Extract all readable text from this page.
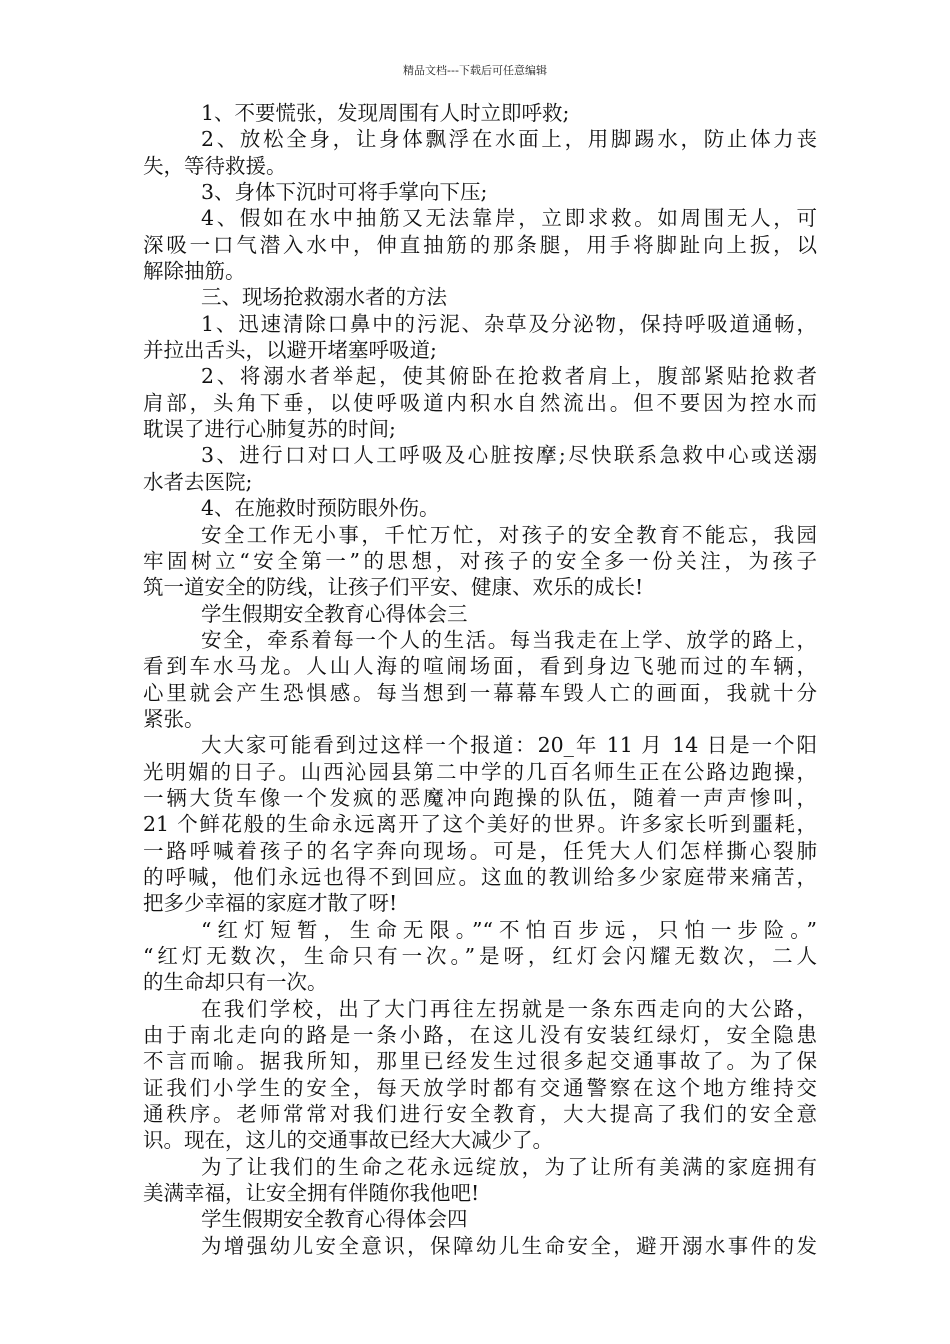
精品文档---下载后可任意编辑
1、不要慌张，发现周围有人时立即呼救;
2、放松全身，让身体飘浮在水面上，用脚踢水，防止体力丧
失，等待救援。
3、身体下沉时可将手掌向下压;
4、假如在水中抽筋又无法靠岸，立即求救。如周围无人，可
深吸一口气潜入水中，伸直抽筋的那条腿，用手将脚趾向上扳，以
解除抽筋。
三、现场抢救溺水者的方法
1、迅速清除口鼻中的污泥、杂草及分泌物，保持呼吸道通畅，
并拉出舌头，以避开堵塞呼吸道;
2、将溺水者举起，使其俯卧在抢救者肩上，腹部紧贴抢救者
肩部，头角下垂，以使呼吸道内积水自然流出。但不要因为控水而
耽误了进行心肺复苏的时间;
3、进行口对口人工呼吸及心脏按摩;尽快联系急救中心或送溺
水者去医院;
4、在施救时预防眼外伤。
安全工作无小事，千忙万忙，对孩子的安全教育不能忘，我园
牢固树立“安全第一”的思想，对孩子的安全多一份关注，为孩子
筑一道安全的防线，让孩子们平安、健康、欢乐的成长!
学生假期安全教育心得体会三
安全，牵系着每一个人的生活。每当我走在上学、放学的路上，
看到车水马龙。人山人海的喧闹场面，看到身边飞驰而过的车辆，
心里就会产生恐惧感。每当想到一幕幕车毁人亡的画面，我就十分
紧张。
大大家可能看到过这样一个报道：20_年 11 月 14 日是一个阳
光明媚的日子。山西沁园县第二中学的几百名师生正在公路边跑操，
一辆大货车像一个发疯的恶魔冲向跑操的队伍，随着一声声惨叫，
21 个鲜花般的生命永远离开了这个美好的世界。许多家长听到噩耗，
一路呼喊着孩子的名字奔向现场。可是，任凭大人们怎样撕心裂肺
的呼喊，他们永远也得不到回应。这血的教训给多少家庭带来痛苦，
把多少幸福的家庭才散了呀!
“红灯短暂，生命无限。”“不怕百步远，只怕一步险。”
“红灯无数次，生命只有一次。”是呀，红灯会闪耀无数次，二人
的生命却只有一次。
在我们学校，出了大门再往左拐就是一条东西走向的大公路，
由于南北走向的路是一条小路，在这儿没有安装红绿灯，安全隐患
不言而喻。据我所知，那里已经发生过很多起交通事故了。为了保
证我们小学生的安全，每天放学时都有交通警察在这个地方维持交
通秩序。老师常常对我们进行安全教育，大大提高了我们的安全意
识。现在，这儿的交通事故已经大大减少了。
为了让我们的生命之花永远绽放，为了让所有美满的家庭拥有
美满幸福，让安全拥有伴随你我他吧!
学生假期安全教育心得体会四
为增强幼儿安全意识，保障幼儿生命安全，避开溺水事件的发
